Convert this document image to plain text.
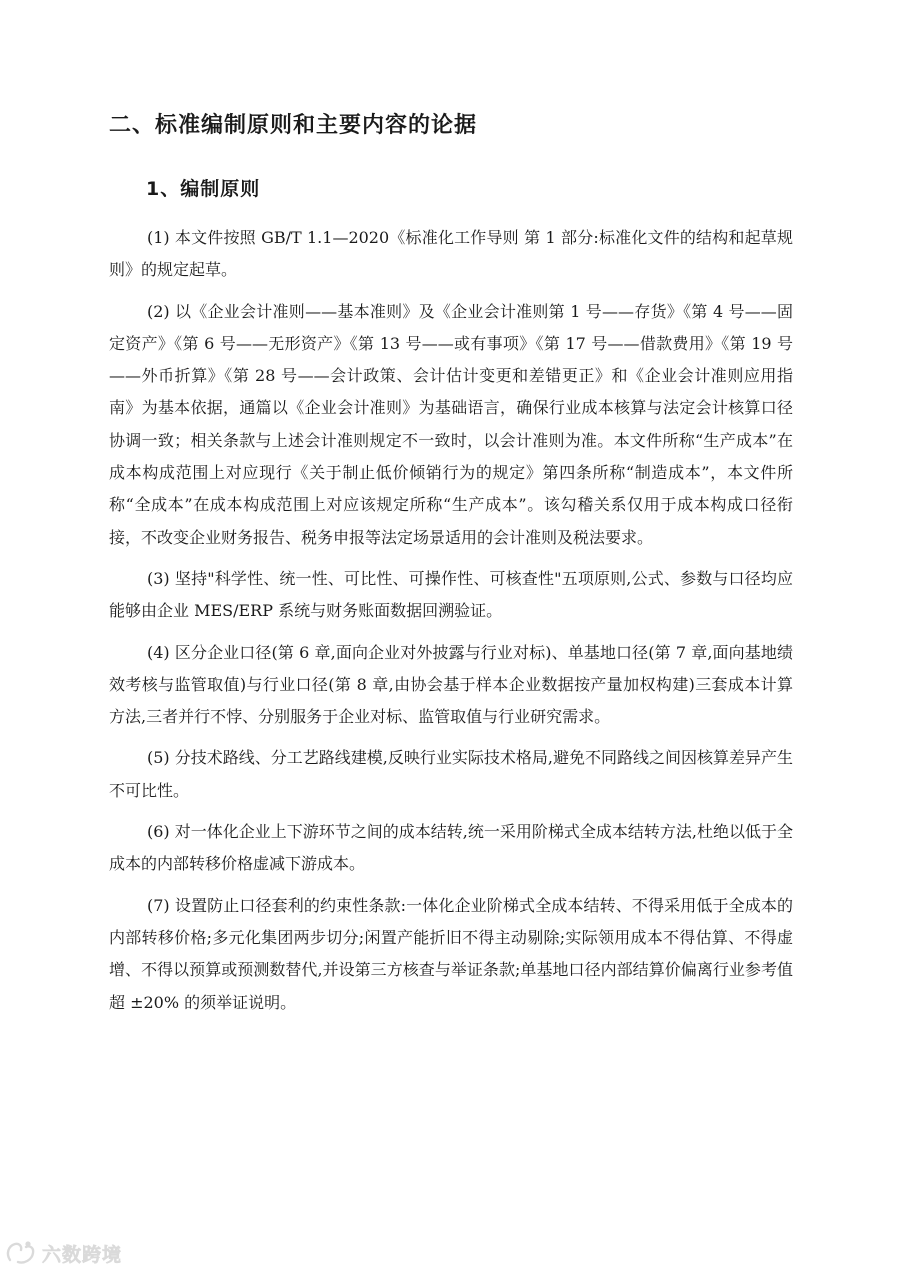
二、标准编制原则和主要内容的论据
1、编制原则

(1) 本文件按照 GB/T 1.1—2020《标准化工作导则 第 1 部分:标准化文件的结构和起草规则》的规定起草。

(2) 以《企业会计准则——基本准则》及《企业会计准则第 1 号——存货》《第 4 号——固定资产》《第 6 号——无形资产》《第 13 号——或有事项》《第 17 号——借款费用》《第 19 号——外币折算》《第 28 号——会计政策、会计估计变更和差错更正》和《企业会计准则应用指南》为基本依据，通篇以《企业会计准则》为基础语言，确保行业成本核算与法定会计核算口径协调一致；相关条款与上述会计准则规定不一致时，以会计准则为准。本文件所称“生产成本”在成本构成范围上对应现行《关于制止低价倾销行为的规定》第四条所称“制造成本”，本文件所称“全成本”在成本构成范围上对应该规定所称“生产成本”。该勾稽关系仅用于成本构成口径衔接，不改变企业财务报告、税务申报等法定场景适用的会计准则及税法要求。

(3) 坚持"科学性、统一性、可比性、可操作性、可核查性"五项原则,公式、参数与口径均应能够由企业 MES/ERP 系统与财务账面数据回溯验证。

(4) 区分企业口径(第 6 章,面向企业对外披露与行业对标)、单基地口径(第 7 章,面向基地绩效考核与监管取值)与行业口径(第 8 章,由协会基于样本企业数据按产量加权构建)三套成本计算方法,三者并行不悖、分别服务于企业对标、监管取值与行业研究需求。

(5) 分技术路线、分工艺路线建模,反映行业实际技术格局,避免不同路线之间因核算差异产生不可比性。

(6) 对一体化企业上下游环节之间的成本结转,统一采用阶梯式全成本结转方法,杜绝以低于全成本的内部转移价格虚减下游成本。

(7) 设置防止口径套利的约束性条款:一体化企业阶梯式全成本结转、不得采用低于全成本的内部转移价格;多元化集团两步切分;闲置产能折旧不得主动剔除;实际领用成本不得估算、不得虚增、不得以预算或预测数替代,并设第三方核查与举证条款;单基地口径内部结算价偏离行业参考值超 ±20% 的须举证说明。

六数跨境
